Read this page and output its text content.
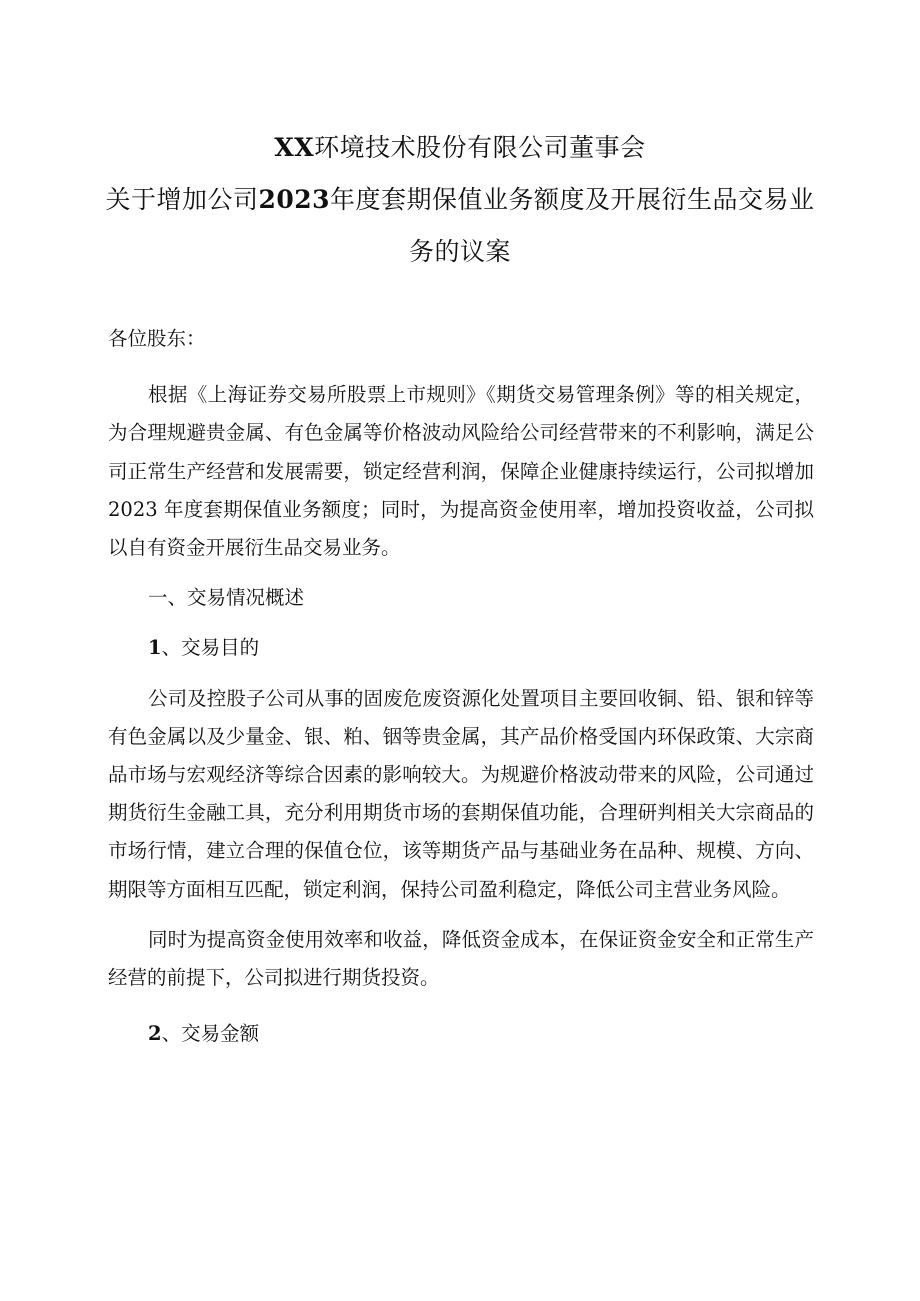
XX环境技术股份有限公司董事会
关于增加公司2023年度套期保值业务额度及开展衍生品交易业
务的议案

各位股东：

根据《上海证券交易所股票上市规则》《期货交易管理条例》等的相关规定，为合理规避贵金属、有色金属等价格波动风险给公司经营带来的不利影响，满足公司正常生产经营和发展需要，锁定经营利润，保障企业健康持续运行，公司拟增加 2023 年度套期保值业务额度；同时，为提高资金使用率，增加投资收益，公司拟以自有资金开展衍生品交易业务。

一、交易情况概述

1、交易目的

公司及控股子公司从事的固废危废资源化处置项目主要回收铜、铅、银和锌等有色金属以及少量金、银、粕、铟等贵金属，其产品价格受国内环保政策、大宗商品市场与宏观经济等综合因素的影响较大。为规避价格波动带来的风险，公司通过期货衍生金融工具，充分利用期货市场的套期保值功能，合理研判相关大宗商品的市场行情，建立合理的保值仓位，该等期货产品与基础业务在品种、规模、方向、期限等方面相互匹配，锁定利润，保持公司盈利稳定，降低公司主营业务风险。

同时为提高资金使用效率和收益，降低资金成本，在保证资金安全和正常生产经营的前提下，公司拟进行期货投资。

2、交易金额
